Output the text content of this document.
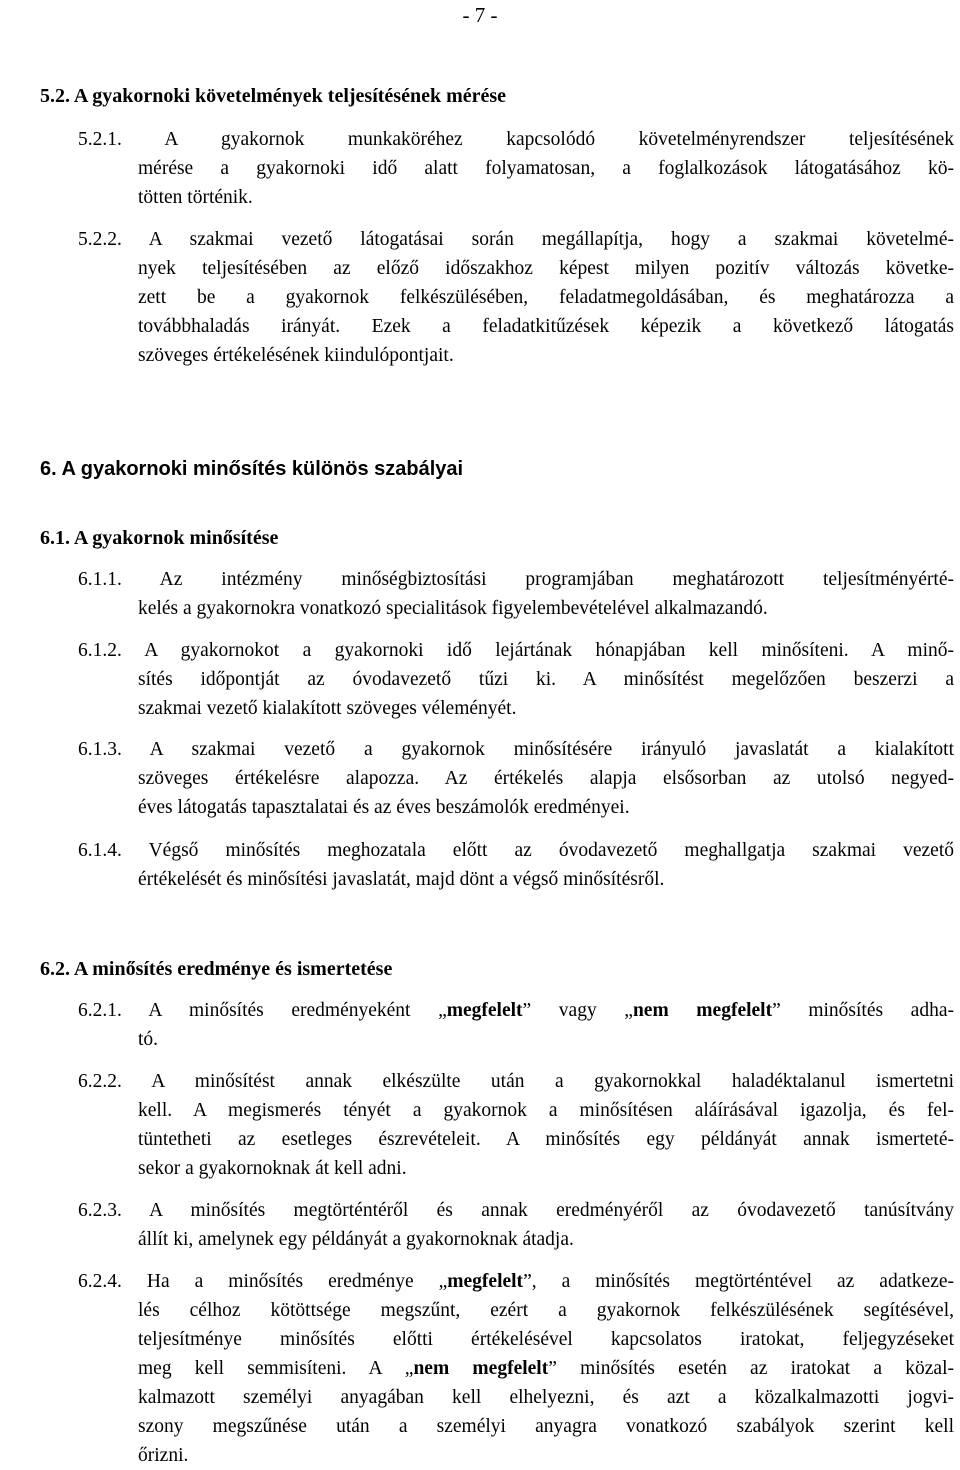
- 7 -
5.2. A gyakornoki követelmények teljesítésének mérése
5.2.1. A gyakornok munkaköréhez kapcsolódó követelményrendszer teljesítésének
mérése a gyakornoki idő alatt folyamatosan, a foglalkozások látogatásához kö-
tötten történik.
5.2.2. A szakmai vezető látogatásai során megállapítja, hogy a szakmai követelmé-
nyek teljesítésében az előző időszakhoz képest milyen pozitív változás követke-
zett be a gyakornok felkészülésében, feladatmegoldásában, és meghatározza a
továbbhaladás irányát. Ezek a feladatkitűzések képezik a következő látogatás
szöveges értékelésének kiindulópontjait.
6. A gyakornoki minősítés különös szabályai
6.1. A gyakornok minősítése
6.1.1. Az intézmény minőségbiztosítási programjában meghatározott teljesítményérté-
kelés a gyakornokra vonatkozó specialitások figyelembevételével alkalmazandó.
6.1.2. A gyakornokot a gyakornoki idő lejártának hónapjában kell minősíteni. A minő-
sítés időpontját az óvodavezető tűzi ki. A minősítést megelőzően beszerzi a
szakmai vezető kialakított szöveges véleményét.
6.1.3. A szakmai vezető a gyakornok minősítésére irányuló javaslatát a kialakított
szöveges értékelésre alapozza. Az értékelés alapja elsősorban az utolsó negyed-
éves látogatás tapasztalatai és az éves beszámolók eredményei.
6.1.4. Végső minősítés meghozatala előtt az óvodavezető meghallgatja szakmai vezető
értékelését és minősítési javaslatát, majd dönt a végső minősítésről.
6.2. A minősítés eredménye és ismertetése
6.2.1. A minősítés eredményeként „megfelelt” vagy „nem megfelelt” minősítés adha-
tó.
6.2.2. A minősítést annak elkészülte után a gyakornokkal haladéktalanul ismertetni
kell. A megismerés tényét a gyakornok a minősítésen aláírásával igazolja, és fel-
tüntetheti az esetleges észrevételeit. A minősítés egy példányát annak ismerteté-
sekor a gyakornoknak át kell adni.
6.2.3. A minősítés megtörténtéről és annak eredményéről az óvodavezető tanúsítvány
állít ki, amelynek egy példányát a gyakornoknak átadja.
6.2.4. Ha a minősítés eredménye „megfelelt”, a minősítés megtörténtével az adatkeze-
lés célhoz kötöttsége megszűnt, ezért a gyakornok felkészülésének segítésével,
teljesítménye minősítés előtti értékelésével kapcsolatos iratokat, feljegyzéseket
meg kell semmisíteni. A „nem megfelelt” minősítés esetén az iratokat a közal-
kalmazott személyi anyagában kell elhelyezni, és azt a közalkalmazotti jogvi-
szony megszűnése után a személyi anyagra vonatkozó szabályok szerint kell
őrizni.
